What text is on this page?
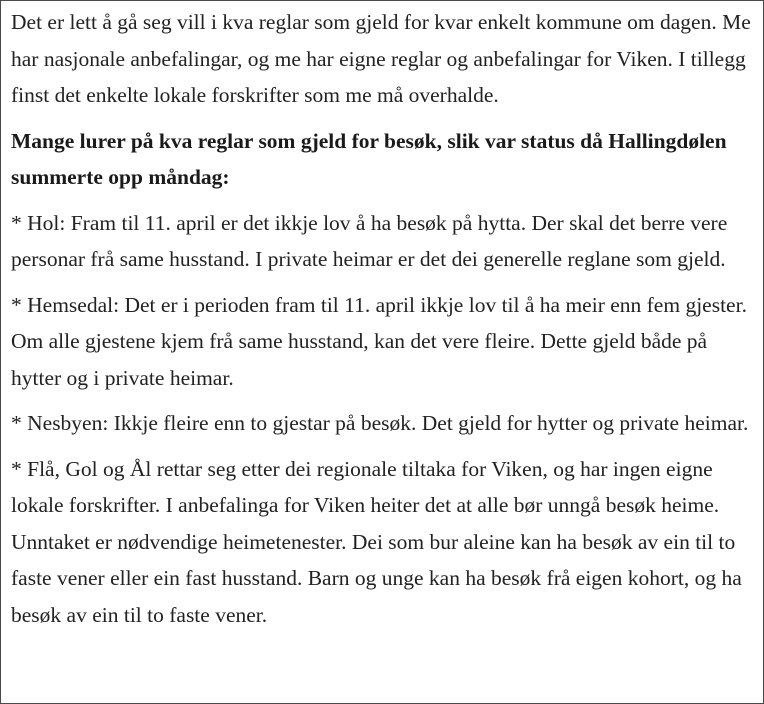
Det er lett å gå seg vill i kva reglar som gjeld for kvar enkelt kommune om dagen. Me har nasjonale anbefalingar, og me har eigne reglar og anbefalingar for Viken. I tillegg finst det enkelte lokale forskrifter som me må overhalde.

Mange lurer på kva reglar som gjeld for besøk, slik var status då Hallingdølen summerte opp måndag:

* Hol: Fram til 11. april er det ikkje lov å ha besøk på hytta. Der skal det berre vere personar frå same husstand. I private heimar er det dei generelle reglane som gjeld.

* Hemsedal: Det er i perioden fram til 11. april ikkje lov til å ha meir enn fem gjester. Om alle gjestene kjem frå same husstand, kan det vere fleire. Dette gjeld både på hytter og i private heimar.

* Nesbyen: Ikkje fleire enn to gjestar på besøk. Det gjeld for hytter og private heimar.

* Flå, Gol og Ål rettar seg etter dei regionale tiltaka for Viken, og har ingen eigne lokale forskrifter. I anbefalinga for Viken heiter det at alle bør unngå besøk heime. Unntaket er nødvendige heimetenester. Dei som bur aleine kan ha besøk av ein til to faste vener eller ein fast husstand. Barn og unge kan ha besøk frå eigen kohort, og ha besøk av ein til to faste vener.
